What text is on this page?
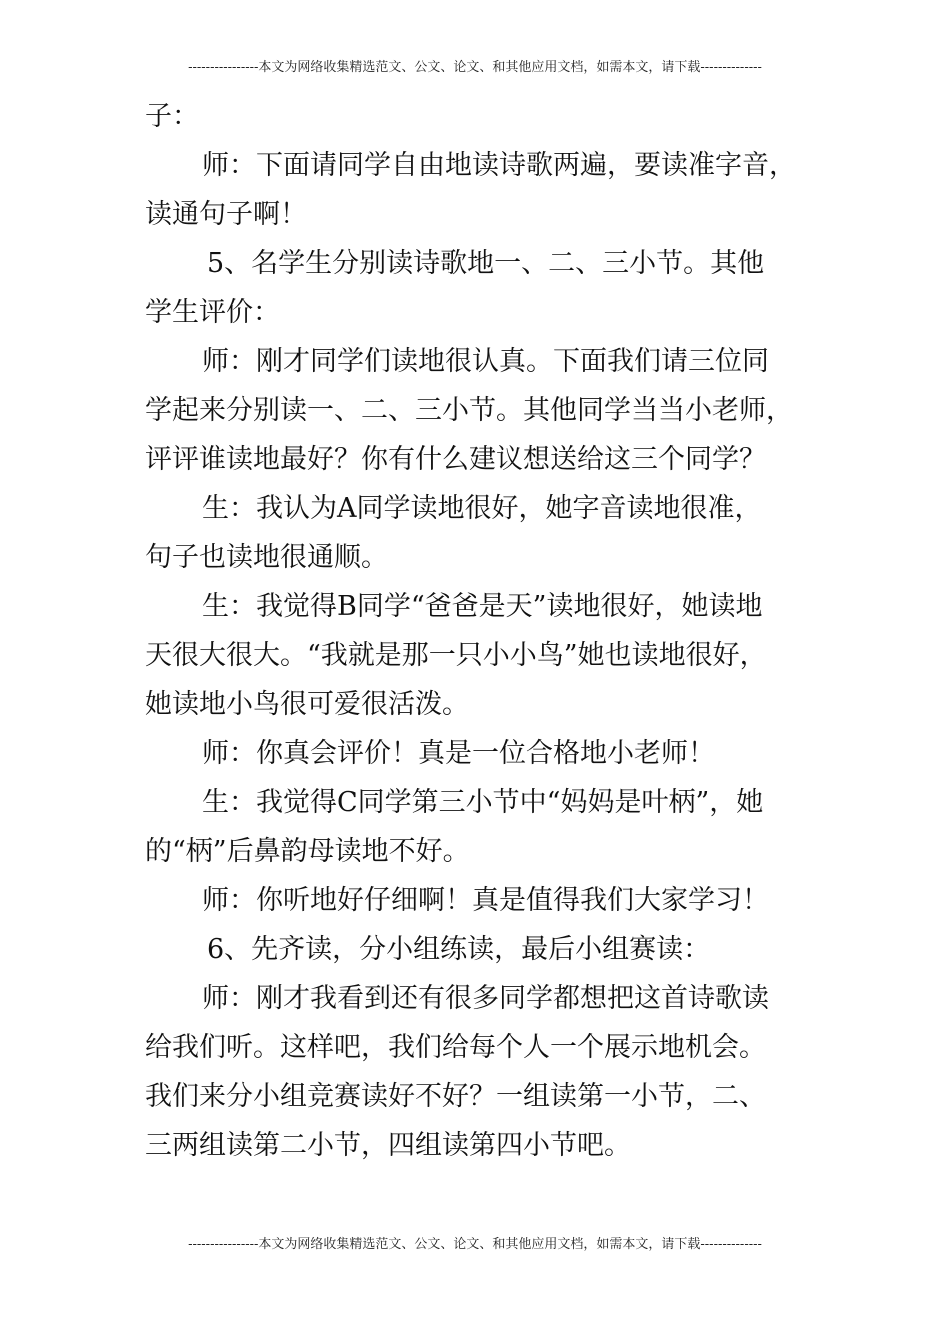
----------------本文为网络收集精选范文、公文、论文、和其他应用文档，如需本文，请下载--------------
子：
师：下面请同学自由地读诗歌两遍，要读准字音，
读通句子啊！
5、名学生分别读诗歌地一、二、三小节。其他
学生评价：
师：刚才同学们读地很认真。下面我们请三位同
学起来分别读一、二、三小节。其他同学当当小老师，
评评谁读地最好？你有什么建议想送给这三个同学？
生：我认为A同学读地很好，她字音读地很准，
句子也读地很通顺。
生：我觉得B同学“爸爸是天”读地很好，她读地
天很大很大。“我就是那一只小小鸟”她也读地很好，
她读地小鸟很可爱很活泼。
师：你真会评价！真是一位合格地小老师！
生：我觉得C同学第三小节中“妈妈是叶柄”，她
的“柄”后鼻韵母读地不好。
师：你听地好仔细啊！真是值得我们大家学习！
6、先齐读，分小组练读，最后小组赛读：
师：刚才我看到还有很多同学都想把这首诗歌读
给我们听。这样吧，我们给每个人一个展示地机会。
我们来分小组竞赛读好不好？一组读第一小节，二、
三两组读第二小节，四组读第四小节吧。
----------------本文为网络收集精选范文、公文、论文、和其他应用文档，如需本文，请下载--------------
